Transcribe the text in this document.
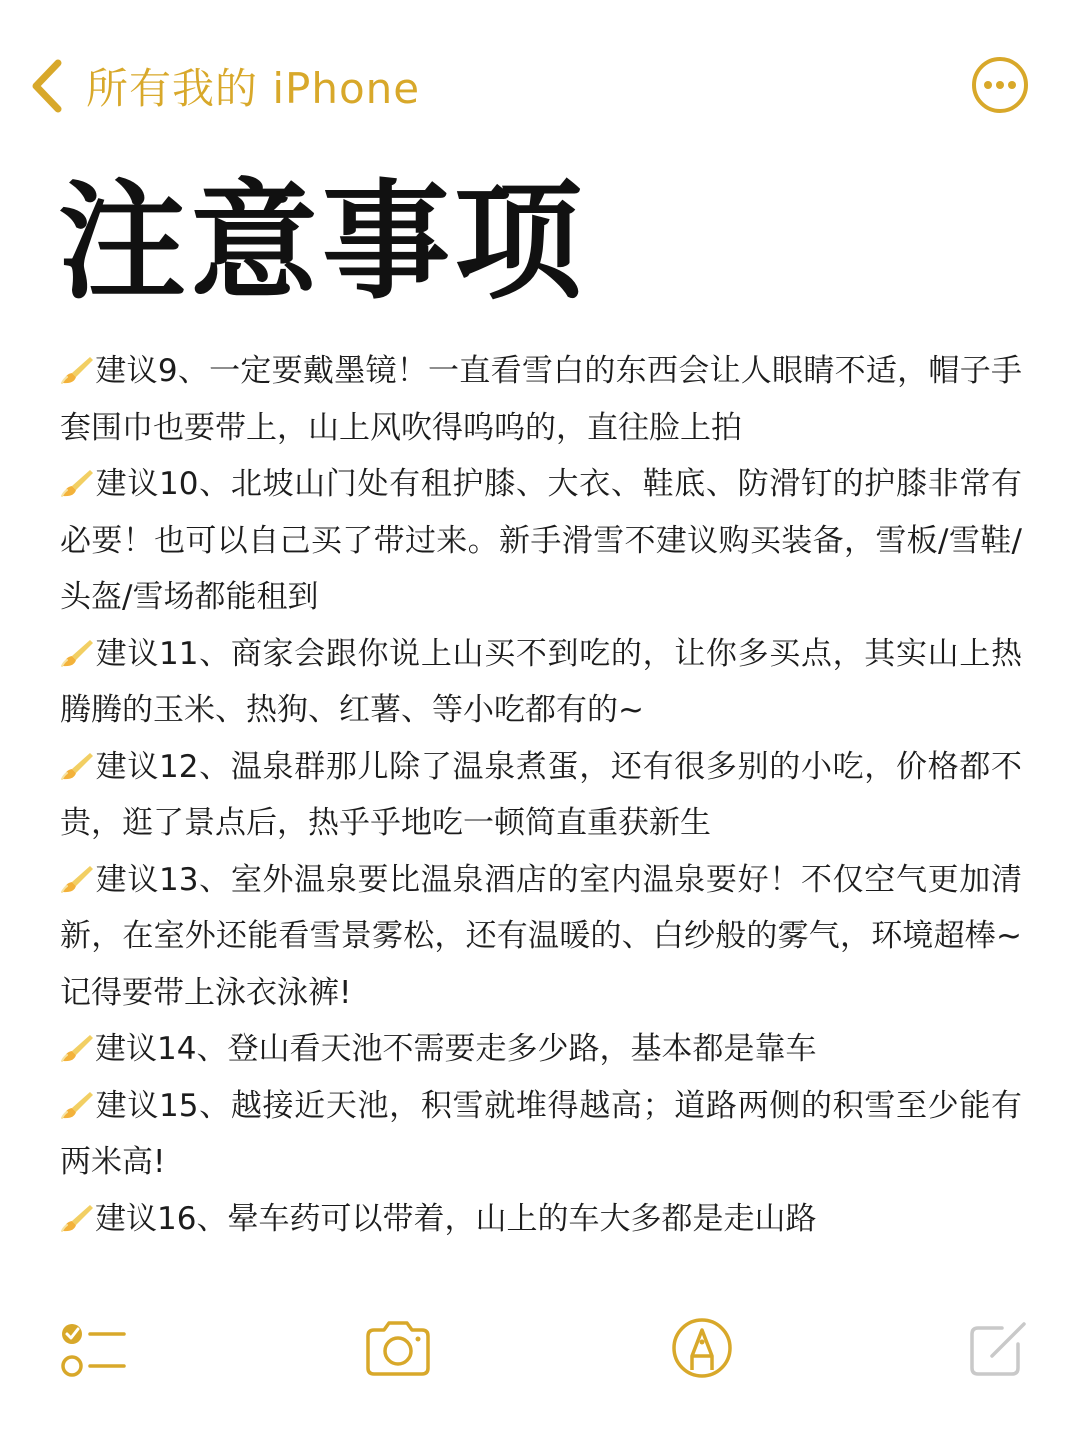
所有我的 iPhone
注意事项

建议9、一定要戴墨镜！一直看雪白的东西会让人眼睛不适，帽子手套围巾也要带上，山上风吹得呜呜的，直往脸上拍

建议10、北坡山门处有租护膝、大衣、鞋底、防滑钉的护膝非常有必要！也可以自己买了带过来。新手滑雪不建议购买装备，雪板/雪鞋/头盔/雪场都能租到

建议11、商家会跟你说上山买不到吃的，让你多买点，其实山上热腾腾的玉米、热狗、红薯、等小吃都有的~

建议12、温泉群那儿除了温泉煮蛋，还有很多别的小吃，价格都不贵，逛了景点后，热乎乎地吃一顿简直重获新生

建议13、室外温泉要比温泉酒店的室内温泉要好！不仅空气更加清新，在室外还能看雪景雾松，还有温暖的、白纱般的雾气，环境超棒~记得要带上泳衣泳裤!

建议14、登山看天池不需要走多少路，基本都是靠车

建议15、越接近天池，积雪就堆得越高；道路两侧的积雪至少能有两米高!

建议16、晕车药可以带着，山上的车大多都是走山路
